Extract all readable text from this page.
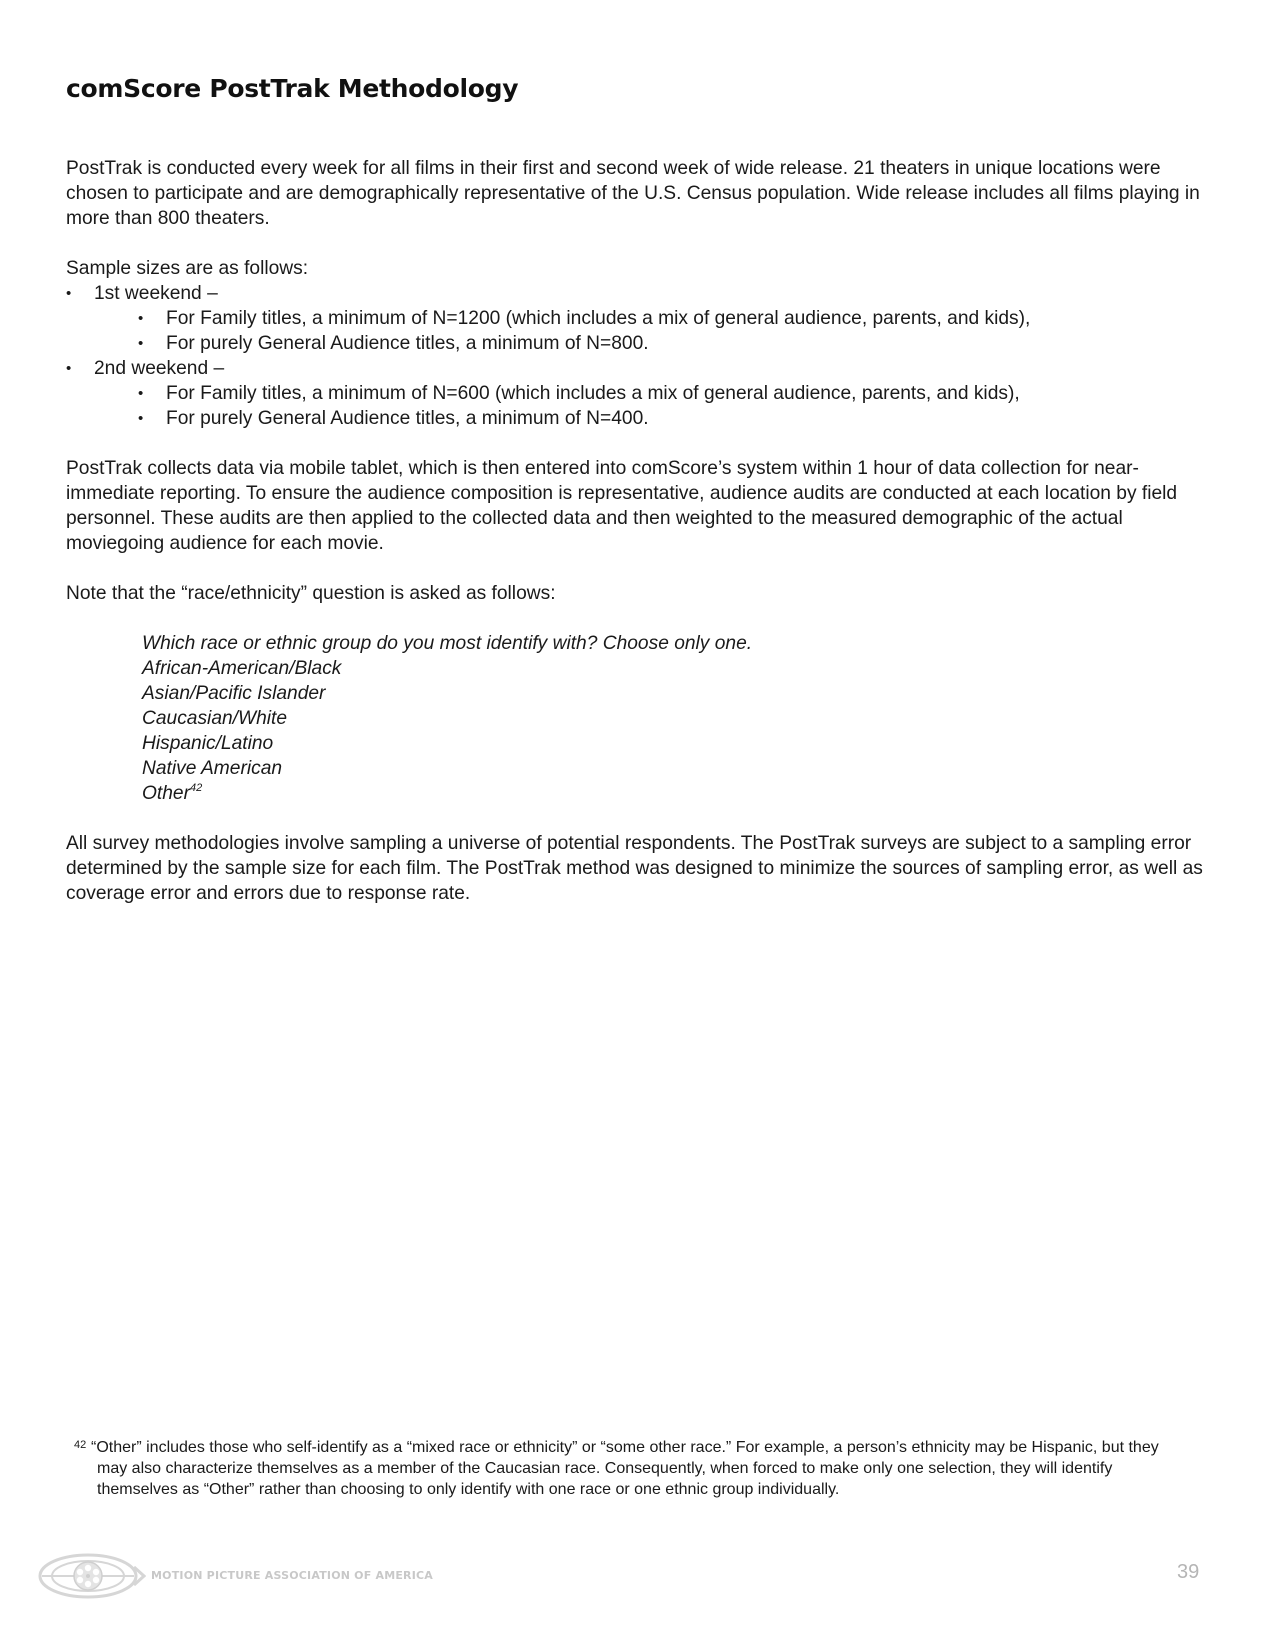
comScore PostTrak Methodology

PostTrak is conducted every week for all films in their first and second week of wide release. 21 theaters in unique locations were chosen to participate and are demographically representative of the U.S. Census population. Wide release includes all films playing in more than 800 theaters.

Sample sizes are as follows:

• 1st weekend –
• For Family titles, a minimum of N=1200 (which includes a mix of general audience, parents, and kids),
• For purely General Audience titles, a minimum of N=800.
• 2nd weekend –
• For Family titles, a minimum of N=600 (which includes a mix of general audience, parents, and kids),
• For purely General Audience titles, a minimum of N=400.

PostTrak collects data via mobile tablet, which is then entered into comScore’s system within 1 hour of data collection for near-immediate reporting. To ensure the audience composition is representative, audience audits are conducted at each location by field personnel. These audits are then applied to the collected data and then weighted to the measured demographic of the actual moviegoing audience for each movie.

Note that the “race/ethnicity” question is asked as follows:

Which race or ethnic group do you most identify with? Choose only one.
African-American/Black
Asian/Pacific Islander
Caucasian/White
Hispanic/Latino
Native American
Other$^{42}$

All survey methodologies involve sampling a universe of potential respondents. The PostTrak surveys are subject to a sampling error determined by the sample size for each film. The PostTrak method was designed to minimize the sources of sampling error, as well as coverage error and errors due to response rate.

42 “Other” includes those who self-identify as a “mixed race or ethnicity” or “some other race.” For example, a person’s ethnicity may be Hispanic, but they may also characterize themselves as a member of the Caucasian race. Consequently, when forced to make only one selection, they will identify themselves as “Other” rather than choosing to only identify with one race or one ethnic group individually.
MOTION PICTURE ASSOCIATION OF AMERICA	39
